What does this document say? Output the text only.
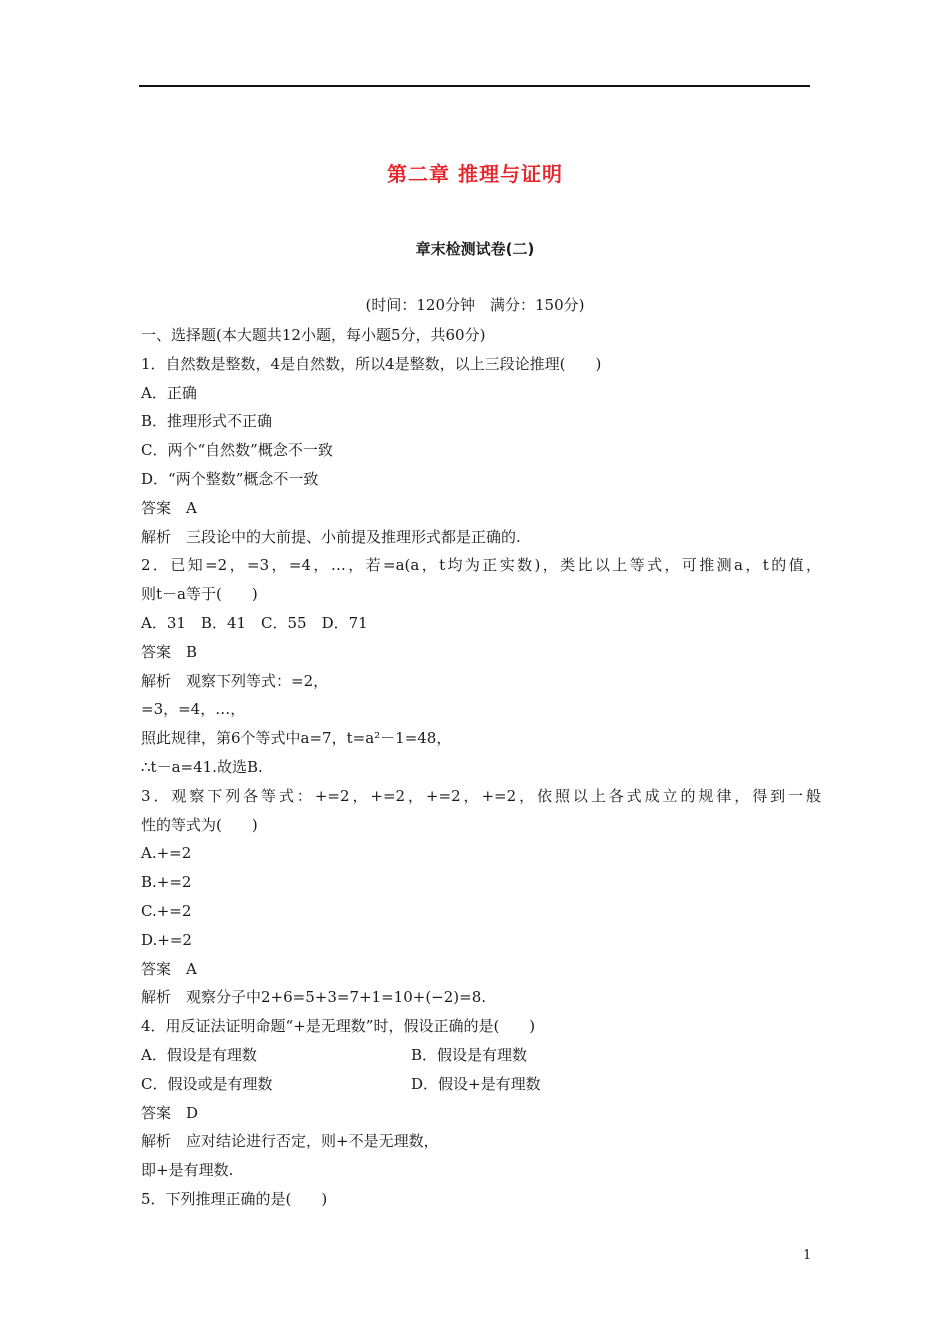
第二章 推理与证明
章末检测试卷(二)
(时间：120分钟　满分：150分)
一、选择题(本大题共12小题，每小题5分，共60分)
1．自然数是整数，4是自然数，所以4是整数，以上三段论推理(　　)
A．正确
B．推理形式不正确
C．两个“自然数”概念不一致
D．“两个整数”概念不一致
答案　A
解析　三段论中的大前提、小前提及推理形式都是正确的.
2．已知=2，=3，=4，…，若=a(a，t均为正实数)，类比以上等式，可推测a，t的值，
则t－a等于(　　)
A．31　B．41　C．55　D．71
答案　B
解析　观察下列等式：=2，
=3，=4，…，
照此规律，第6个等式中a=7，t=a²－1=48，
∴t－a=41.故选B.
3．观察下列各等式：+=2，+=2，+=2，+=2，依照以上各式成立的规律，得到一般
性的等式为(　　)
A.+=2
B.+=2
C.+=2
D.+=2
答案　A
解析　观察分子中2+6=5+3=7+1=10+(−2)=8.
4．用反证法证明命题“+是无理数”时，假设正确的是(　　)
A．假设是有理数	B．假设是有理数
C．假设或是有理数	D．假设+是有理数
答案　D
解析　应对结论进行否定，则+不是无理数，
即+是有理数.
5．下列推理正确的是(　　)
1
